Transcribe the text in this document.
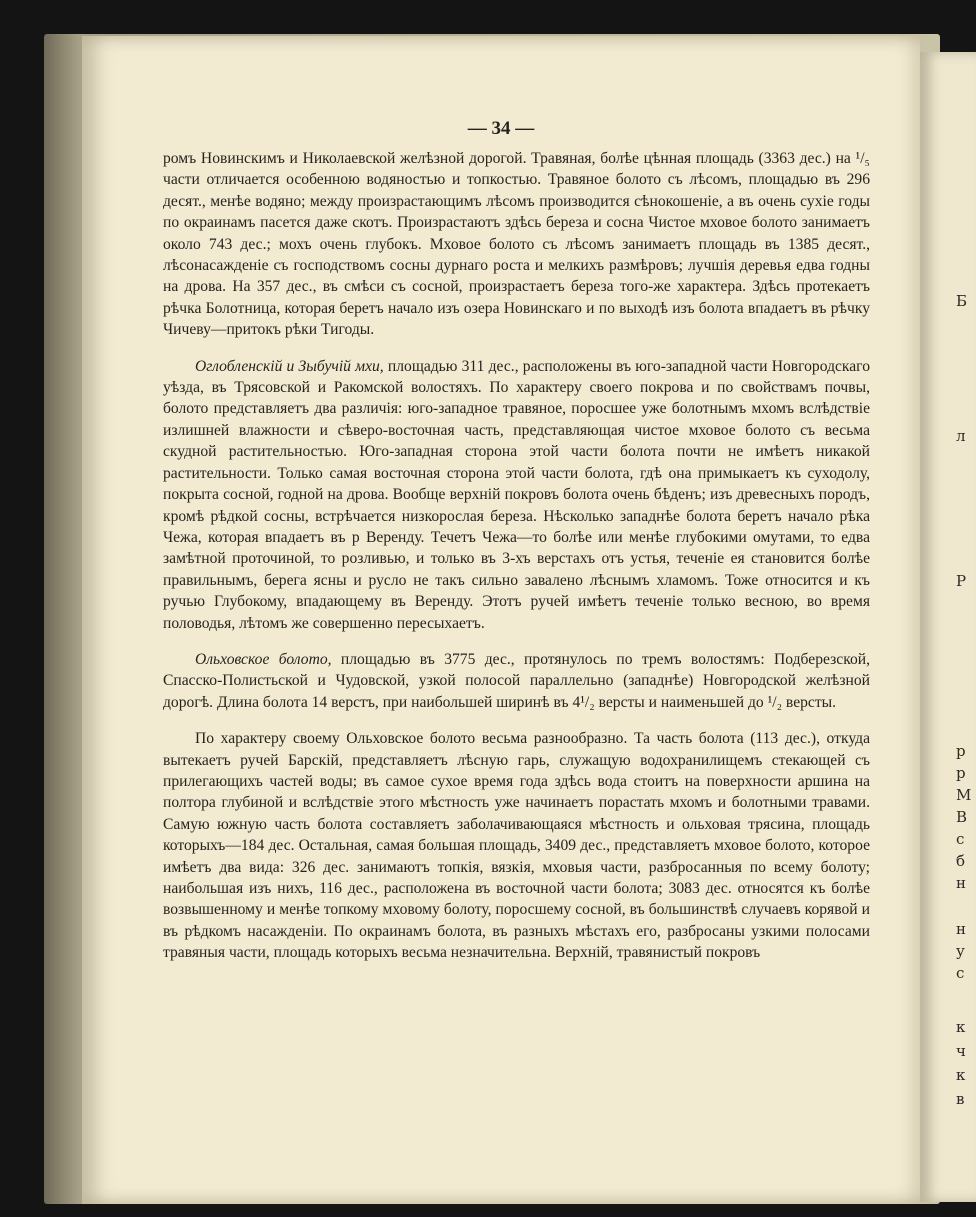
Б
л
Р
р
р
М
В
с
б
н
н
у
с
к
ч
к
в
— 34 —

ромъ Новинскимъ и Николаевской желѣзной дорогой. Травяная, болѣе цѣнная площадь (3363 дес.) на ¹/₅ части отличается особенною водяностью и топкостью. Травяное болото съ лѣсомъ, площадью въ 296 десят., менѣе водяно; между произрастающимъ лѣсомъ производится сѣнокошеніе, а въ очень сухіе годы по окраинамъ пасется даже скотъ. Произрастаютъ здѣсь береза и сосна Чистое мховое болото занимаетъ около 743 дес.; мохъ очень глубокъ. Мховое болото съ лѣсомъ занимаетъ площадь въ 1385 десят., лѣсонасажденіе съ господствомъ сосны дурнаго роста и мелкихъ размѣровъ; лучшія деревья едва годны на дрова. На 357 дес., въ смѣси съ сосной, произрастаетъ береза того-же характера. Здѣсь протекаетъ рѣчка Болотница, которая беретъ начало изъ озера Новинскаго и по выходѣ изъ болота впадаетъ въ рѣчку Чичеву—притокъ рѣки Тигоды.

Оглобленскій и Зыбучій мхи, площадью 311 дес., расположены въ юго-западной части Новгородскаго уѣзда, въ Трясовской и Ракомской волостяхъ. По характеру своего покрова и по свойствамъ почвы, болото представляетъ два различія: юго-западное травяное, поросшее уже болотнымъ мхомъ вслѣдствіе излишней влажности и сѣверо-восточная часть, представляющая чистое мховое болото съ весьма скудной растительностью. Юго-западная сторона этой части болота почти не имѣетъ никакой растительности. Только самая восточная сторона этой части болота, гдѣ она примыкаетъ къ суходолу, покрыта сосной, годной на дрова. Вообще верхній покровъ болота очень бѣденъ; изъ древесныхъ породъ, кромѣ рѣдкой сосны, встрѣчается низкорослая береза. Нѣсколько западнѣе болота беретъ начало рѣка Чежа, которая впадаетъ въ р Веренду. Течетъ Чежа—то болѣе или менѣе глубокими омутами, то едва замѣтной проточиной, то розливью, и только въ 3-хъ верстахъ отъ устья, теченіе ея становится болѣе правильнымъ, берега ясны и русло не такъ сильно завалено лѣснымъ хламомъ. Тоже относится и къ ручью Глубокому, впадающему въ Веренду. Этотъ ручей имѣетъ теченіе только весною, во время половодья, лѣтомъ же совершенно пересыхаетъ.

Ольховское болото, площадью въ 3775 дес., протянулось по тремъ волостямъ: Подберезской, Спасско-Полистьской и Чудовской, узкой полосой параллельно (западнѣе) Новгородской желѣзной дорогѣ. Длина болота 14 верстъ, при наибольшей ширинѣ въ 4¹/₂ версты и наименьшей до ¹/₂ версты.

По характеру своему Ольховское болото весьма разнообразно. Та часть болота (113 дес.), откуда вытекаетъ ручей Барскій, представляетъ лѣсную гарь, служащую водохранилищемъ стекающей съ прилегающихъ частей воды; въ самое сухое время года здѣсь вода стоитъ на поверхности аршина на полтора глубиной и вслѣдствіе этого мѣстность уже начинаетъ порастать мхомъ и болотными травами. Самую южную часть болота составляетъ заболачивающаяся мѣстность и ольховая трясина, площадь которыхъ—184 дес. Остальная, самая большая площадь, 3409 дес., представляетъ мховое болото, которое имѣетъ два вида: 326 дес. занимаютъ топкія, вязкія, мховыя части, разбросанныя по всему болоту; наибольшая изъ нихъ, 116 дес., расположена въ восточной части болота; 3083 дес. относятся къ болѣе возвышенному и менѣе топкому мховому болоту, поросшему сосной, въ большинствѣ случаевъ корявой и въ рѣдкомъ насажденіи. По окраинамъ болота, въ разныхъ мѣстахъ его, разбросаны узкими полосами травяныя части, площадь которыхъ весьма незначительна. Верхній, травянистый покровъ
